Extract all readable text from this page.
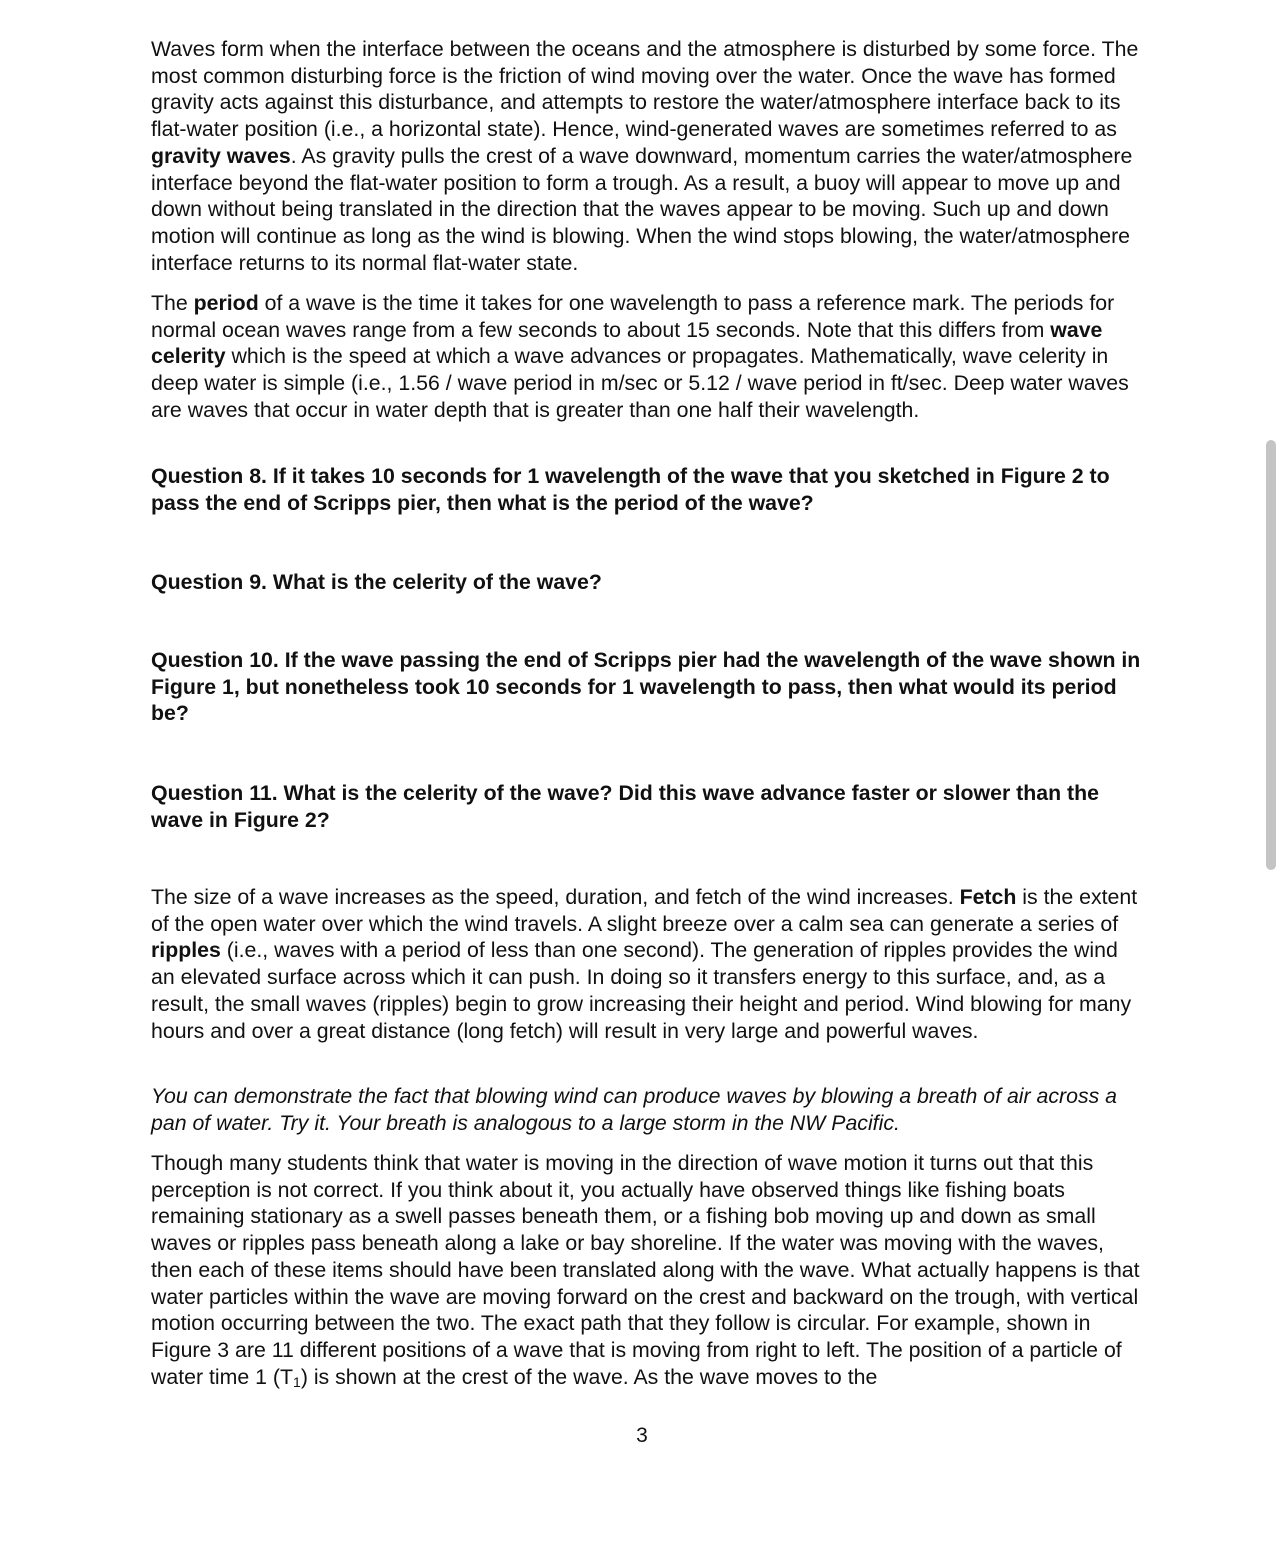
Waves form when the interface between the oceans and the atmosphere is disturbed by some force. The most common disturbing force is the friction of wind moving over the water. Once the wave has formed gravity acts against this disturbance, and attempts to restore the water/atmosphere interface back to its flat-water position (i.e., a horizontal state). Hence, wind-generated waves are sometimes referred to as gravity waves. As gravity pulls the crest of a wave downward, momentum carries the water/atmosphere interface beyond the flat-water position to form a trough. As a result, a buoy will appear to move up and down without being translated in the direction that the waves appear to be moving. Such up and down motion will continue as long as the wind is blowing. When the wind stops blowing, the water/atmosphere interface returns to its normal flat-water state.

The period of a wave is the time it takes for one wavelength to pass a reference mark. The periods for normal ocean waves range from a few seconds to about 15 seconds. Note that this differs from wave celerity which is the speed at which a wave advances or propagates. Mathematically, wave celerity in deep water is simple (i.e., 1.56 / wave period in m/sec or 5.12 / wave period in ft/sec. Deep water waves are waves that occur in water depth that is greater than one half their wavelength.

Question 8. If it takes 10 seconds for 1 wavelength of the wave that you sketched in Figure 2 to pass the end of Scripps pier, then what is the period of the wave?

Question 9. What is the celerity of the wave?

Question 10. If the wave passing the end of Scripps pier had the wavelength of the wave shown in Figure 1, but nonetheless took 10 seconds for 1 wavelength to pass, then what would its period be?

Question 11. What is the celerity of the wave? Did this wave advance faster or slower than the wave in Figure 2?

The size of a wave increases as the speed, duration, and fetch of the wind increases. Fetch is the extent of the open water over which the wind travels. A slight breeze over a calm sea can generate a series of ripples (i.e., waves with a period of less than one second). The generation of ripples provides the wind an elevated surface across which it can push. In doing so it transfers energy to this surface, and, as a result, the small waves (ripples) begin to grow increasing their height and period. Wind blowing for many hours and over a great distance (long fetch) will result in very large and powerful waves.

You can demonstrate the fact that blowing wind can produce waves by blowing a breath of air across a pan of water. Try it. Your breath is analogous to a large storm in the NW Pacific.

Though many students think that water is moving in the direction of wave motion it turns out that this perception is not correct. If you think about it, you actually have observed things like fishing boats remaining stationary as a swell passes beneath them, or a fishing bob moving up and down as small waves or ripples pass beneath along a lake or bay shoreline. If the water was moving with the waves, then each of these items should have been translated along with the wave. What actually happens is that water particles within the wave are moving forward on the crest and backward on the trough, with vertical motion occurring between the two. The exact path that they follow is circular. For example, shown in Figure 3 are 11 different positions of a wave that is moving from right to left. The position of a particle of water time 1 $(T_1)$ is shown at the crest of the wave. As the wave moves to the

3
